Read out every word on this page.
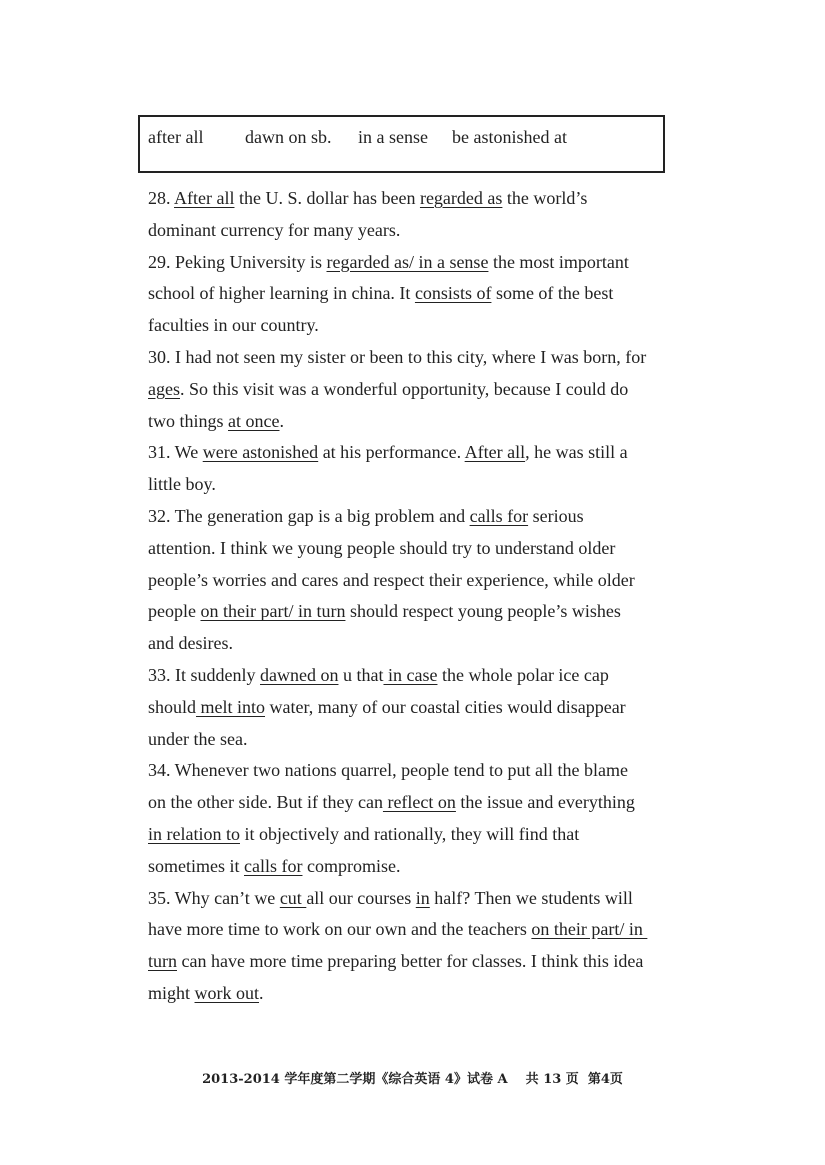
after all dawn on sb. in a sense be astonished at
28. After all the U. S. dollar has been regarded as the world’s
dominant currency for many years.
29. Peking University is regarded as/ in a sense the most important
school of higher learning in china. It consists of some of the best
faculties in our country.
30. I had not seen my sister or been to this city, where I was born, for
ages. So this visit was a wonderful opportunity, because I could do
two things at once.
31. We were astonished at his performance. After all, he was still a
little boy.
32. The generation gap is a big problem and calls for serious
attention. I think we young people should try to understand older
people’s worries and cares and respect their experience, while older
people on their part/ in turn should respect young people’s wishes
and desires.
33. It suddenly dawned on u that in case the whole polar ice cap
should melt into water, many of our coastal cities would disappear
under the sea.
34. Whenever two nations quarrel, people tend to put all the blame
on the other side. But if they can reflect on the issue and everything
in relation to it objectively and rationally, they will find that
sometimes it calls for compromise.
35. Why can’t we cut all our courses in half? Then we students will
have more time to work on our own and the teachers on their part/ in
turn can have more time preparing better for classes. I think this idea
might work out.
2013-2014 学年度第二学期《综合英语 4》试卷 A    共 13 页  第4页
